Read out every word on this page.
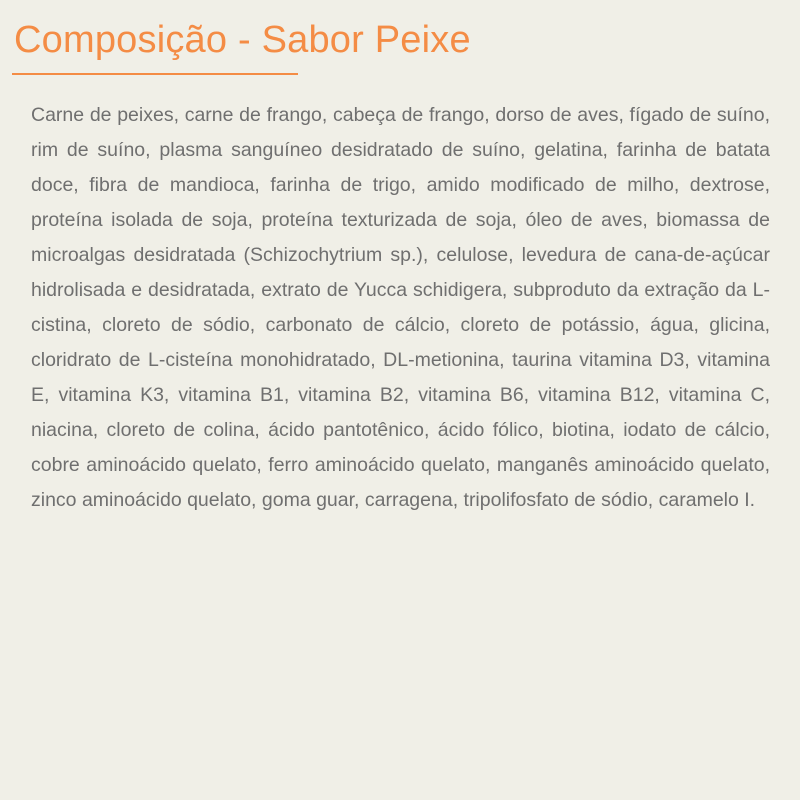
Composição - Sabor Peixe

Carne de peixes, carne de frango, cabeça de frango, dorso de aves, fígado de suíno, rim de suíno, plasma sanguíneo desidratado de suíno, gelatina, farinha de batata doce, fibra de mandioca, farinha de trigo, amido modificado de milho, dextrose, proteína isolada de soja, proteína texturizada de soja, óleo de aves, biomassa de microalgas desidratada (Schizochytrium sp.), celulose, levedura de cana-de-açúcar hidrolisada e desidratada, extrato de Yucca schidigera, subproduto da extração da L-cistina, cloreto de sódio, carbonato de cálcio, cloreto de potássio, água, glicina, cloridrato de L-cisteína monohidratado, DL-metionina, taurina vitamina D3, vitamina E, vitamina K3, vitamina B1, vitamina B2, vitamina B6, vitamina B12, vitamina C, niacina, cloreto de colina, ácido pantotênico, ácido fólico, biotina, iodato de cálcio, cobre aminoácido quelato, ferro aminoácido quelato, manganês aminoácido quelato, zinco aminoácido quelato, goma guar, carragena, tripolifosfato de sódio, caramelo I.
